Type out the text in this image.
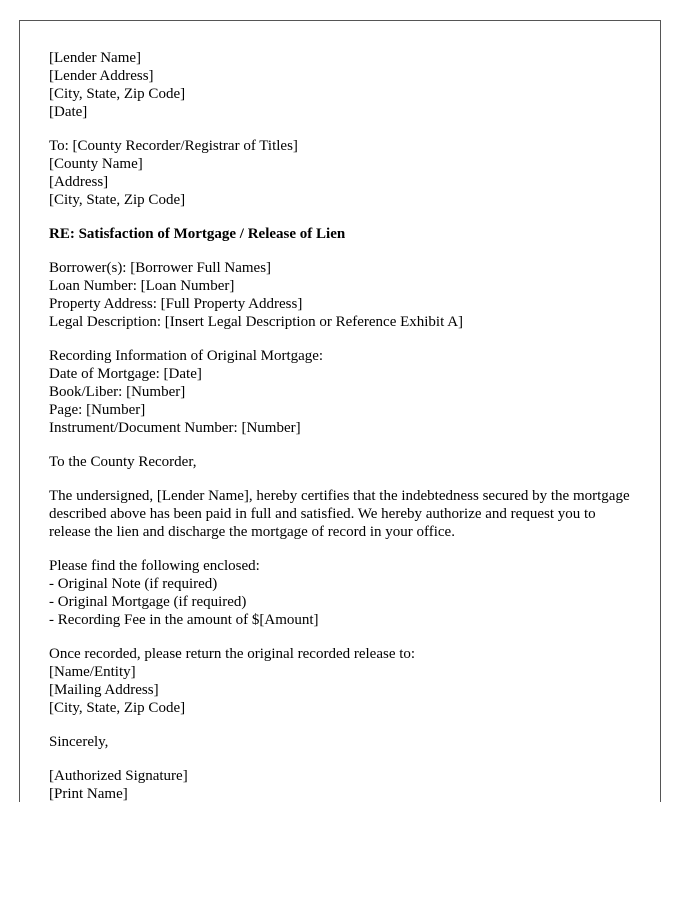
[Lender Name]
[Lender Address]
[City, State, Zip Code]
[Date]
To: [County Recorder/Registrar of Titles]
[County Name]
[Address]
[City, State, Zip Code]
RE: Satisfaction of Mortgage / Release of Lien
Borrower(s): [Borrower Full Names]
Loan Number: [Loan Number]
Property Address: [Full Property Address]
Legal Description: [Insert Legal Description or Reference Exhibit A]
Recording Information of Original Mortgage:
Date of Mortgage: [Date]
Book/Liber: [Number]
Page: [Number]
Instrument/Document Number: [Number]
To the County Recorder,
The undersigned, [Lender Name], hereby certifies that the indebtedness secured by the mortgage described above has been paid in full and satisfied. We hereby authorize and request you to release the lien and discharge the mortgage of record in your office.
Please find the following enclosed:
- Original Note (if required)
- Original Mortgage (if required)
- Recording Fee in the amount of $[Amount]
Once recorded, please return the original recorded release to:
[Name/Entity]
[Mailing Address]
[City, State, Zip Code]
Sincerely,
[Authorized Signature]
[Print Name]
